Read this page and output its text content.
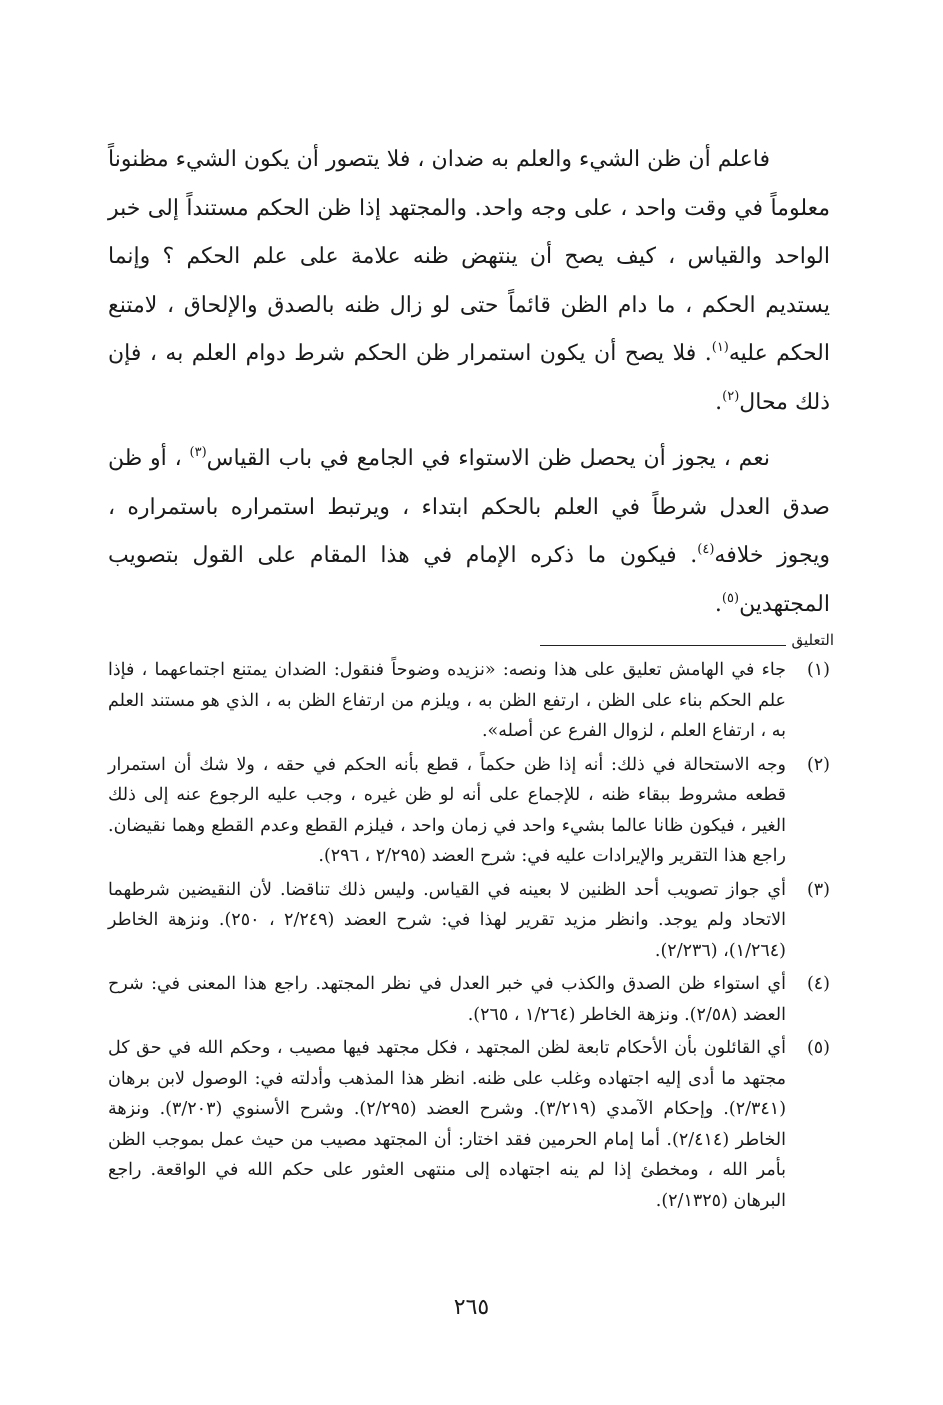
فاعلم أن ظن الشيء والعلم به ضدان ، فلا يتصور أن يكون الشيء مظنوناً معلوماً في وقت واحد ، على وجه واحد. والمجتهد إذا ظن الحكم مستنداً إلى خبر الواحد والقياس ، كيف يصح أن ينتهض ظنه علامة على علم الحكم ؟ وإنما يستديم الحكم ، ما دام الظن قائماً حتى لو زال ظنه بالصدق والإلحاق ، لامتنع الحكم عليه$^{(١)}$. فلا يصح أن يكون استمرار ظن الحكم شرط دوام العلم به ، فإن ذلك محال$^{(٢)}$.

نعم ، يجوز أن يحصل ظن الاستواء في الجامع في باب القياس$^{(٣)}$ ، أو ظن صدق العدل شرطاً في العلم بالحكم ابتداء ، ويرتبط استمراره باستمراره ، ويجوز خلافه$^{(٤)}$. فيكون ما ذكره الإمام في هذا المقام على القول بتصويب المجتهدين$^{(٥)}$.

التعليق
(١)
جاء في الهامش تعليق على هذا ونصه: «نزيده وضوحاً فنقول: الضدان يمتنع اجتماعهما ، فإذا علم الحكم بناء على الظن ، ارتفع الظن به ، ويلزم من ارتفاع الظن به ، الذي هو مستند العلم به ، ارتفاع العلم ، لزوال الفرع عن أصله».
(٢)
وجه الاستحالة في ذلك: أنه إذا ظن حكماً ، قطع بأنه الحكم في حقه ، ولا شك أن استمرار قطعه مشروط ببقاء ظنه ، للإجماع على أنه لو ظن غيره ، وجب عليه الرجوع عنه إلى ذلك الغير ، فيكون ظانا عالما بشيء واحد في زمان واحد ، فيلزم القطع وعدم القطع وهما نقيضان. راجع هذا التقرير والإيرادات عليه في: شرح العضد (٢/٢٩٥ ، ٢٩٦).
(٣)
أي جواز تصويب أحد الظنين لا بعينه في القياس. وليس ذلك تناقضا. لأن النقيضين شرطهما الاتحاد ولم يوجد. وانظر مزيد تقرير لهذا في: شرح العضد (٢/٢٤٩ ، ٢٥٠). ونزهة الخاطر (١/٢٦٤)، (٢/٢٣٦).
(٤)
أي استواء ظن الصدق والكذب في خبر العدل في نظر المجتهد. راجع هذا المعنى في: شرح العضد (٢/٥٨). ونزهة الخاطر (١/٢٦٤ ، ٢٦٥).
(٥)
أي القائلون بأن الأحكام تابعة لظن المجتهد ، فكل مجتهد فيها مصيب ، وحكم الله في حق كل مجتهد ما أدى إليه اجتهاده وغلب على ظنه. انظر هذا المذهب وأدلته في: الوصول لابن برهان (٢/٣٤١). وإحكام الآمدي (٣/٢١٩). وشرح العضد (٢/٢٩٥). وشرح الأسنوي (٣/٢٠٣). ونزهة الخاطر (٢/٤١٤). أما إمام الحرمين فقد اختار: أن المجتهد مصيب من حيث عمل بموجب الظن بأمر الله ، ومخطئ إذا لم ينه اجتهاده إلى منتهى العثور على حكم الله في الواقعة. راجع البرهان (٢/١٣٢٥).
٢٦٥
